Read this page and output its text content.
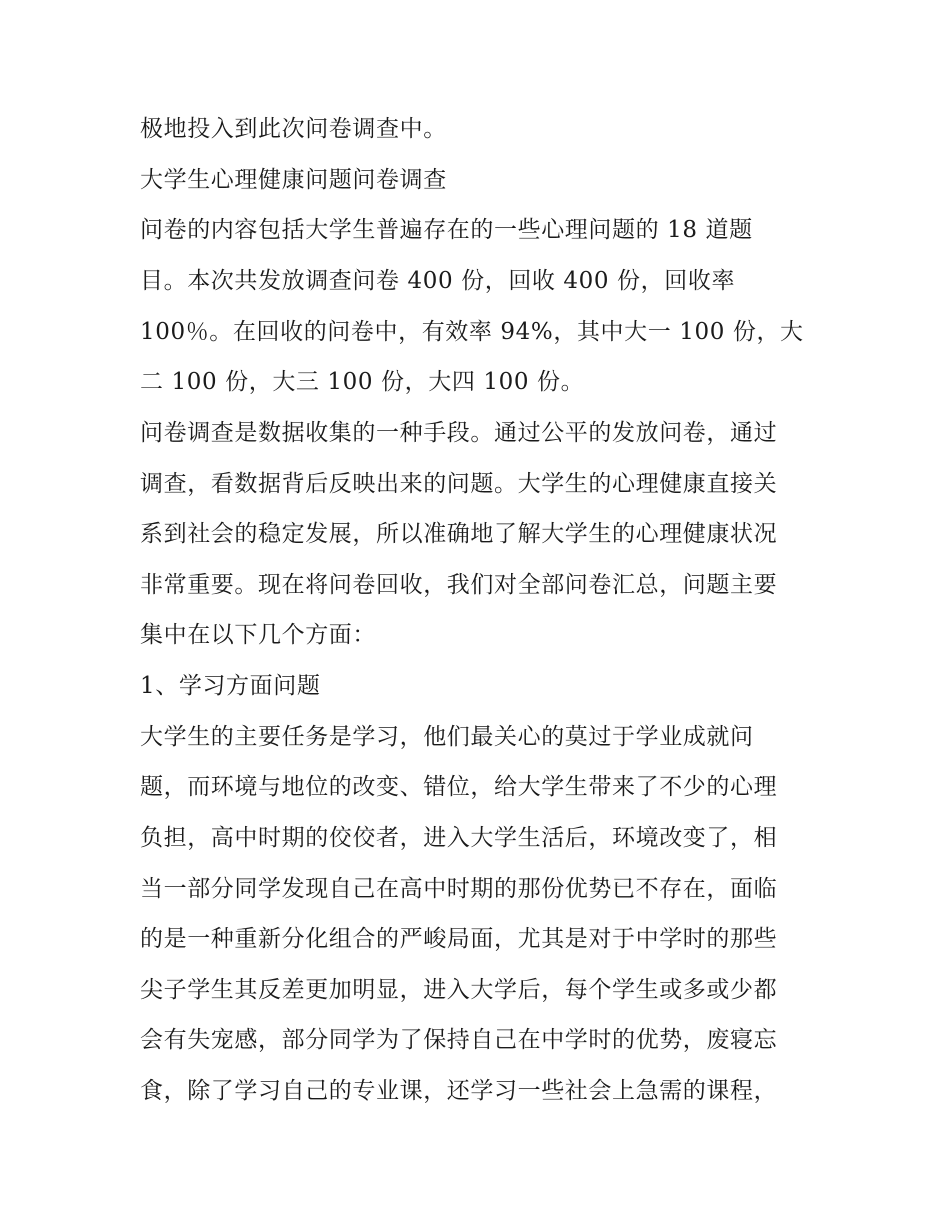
极地投入到此次问卷调查中。
大学生心理健康问题问卷调查
问卷的内容包括大学生普遍存在的一些心理问题的 18 道题
目。本次共发放调查问卷 400 份，回收 400 份，回收率
100％。在回收的问卷中，有效率 94%，其中大一 100 份，大
二 100 份，大三 100 份，大四 100 份。
问卷调查是数据收集的一种手段。通过公平的发放问卷，通过
调查，看数据背后反映出来的问题。大学生的心理健康直接关
系到社会的稳定发展，所以准确地了解大学生的心理健康状况
非常重要。现在将问卷回收，我们对全部问卷汇总，问题主要
集中在以下几个方面：
1、学习方面问题
大学生的主要任务是学习，他们最关心的莫过于学业成就问
题，而环境与地位的改变、错位，给大学生带来了不少的心理
负担，高中时期的佼佼者，进入大学生活后，环境改变了，相
当一部分同学发现自己在高中时期的那份优势已不存在，面临
的是一种重新分化组合的严峻局面，尤其是对于中学时的那些
尖子学生其反差更加明显，进入大学后，每个学生或多或少都
会有失宠感，部分同学为了保持自己在中学时的优势，废寝忘
食，除了学习自己的专业课，还学习一些社会上急需的课程，
